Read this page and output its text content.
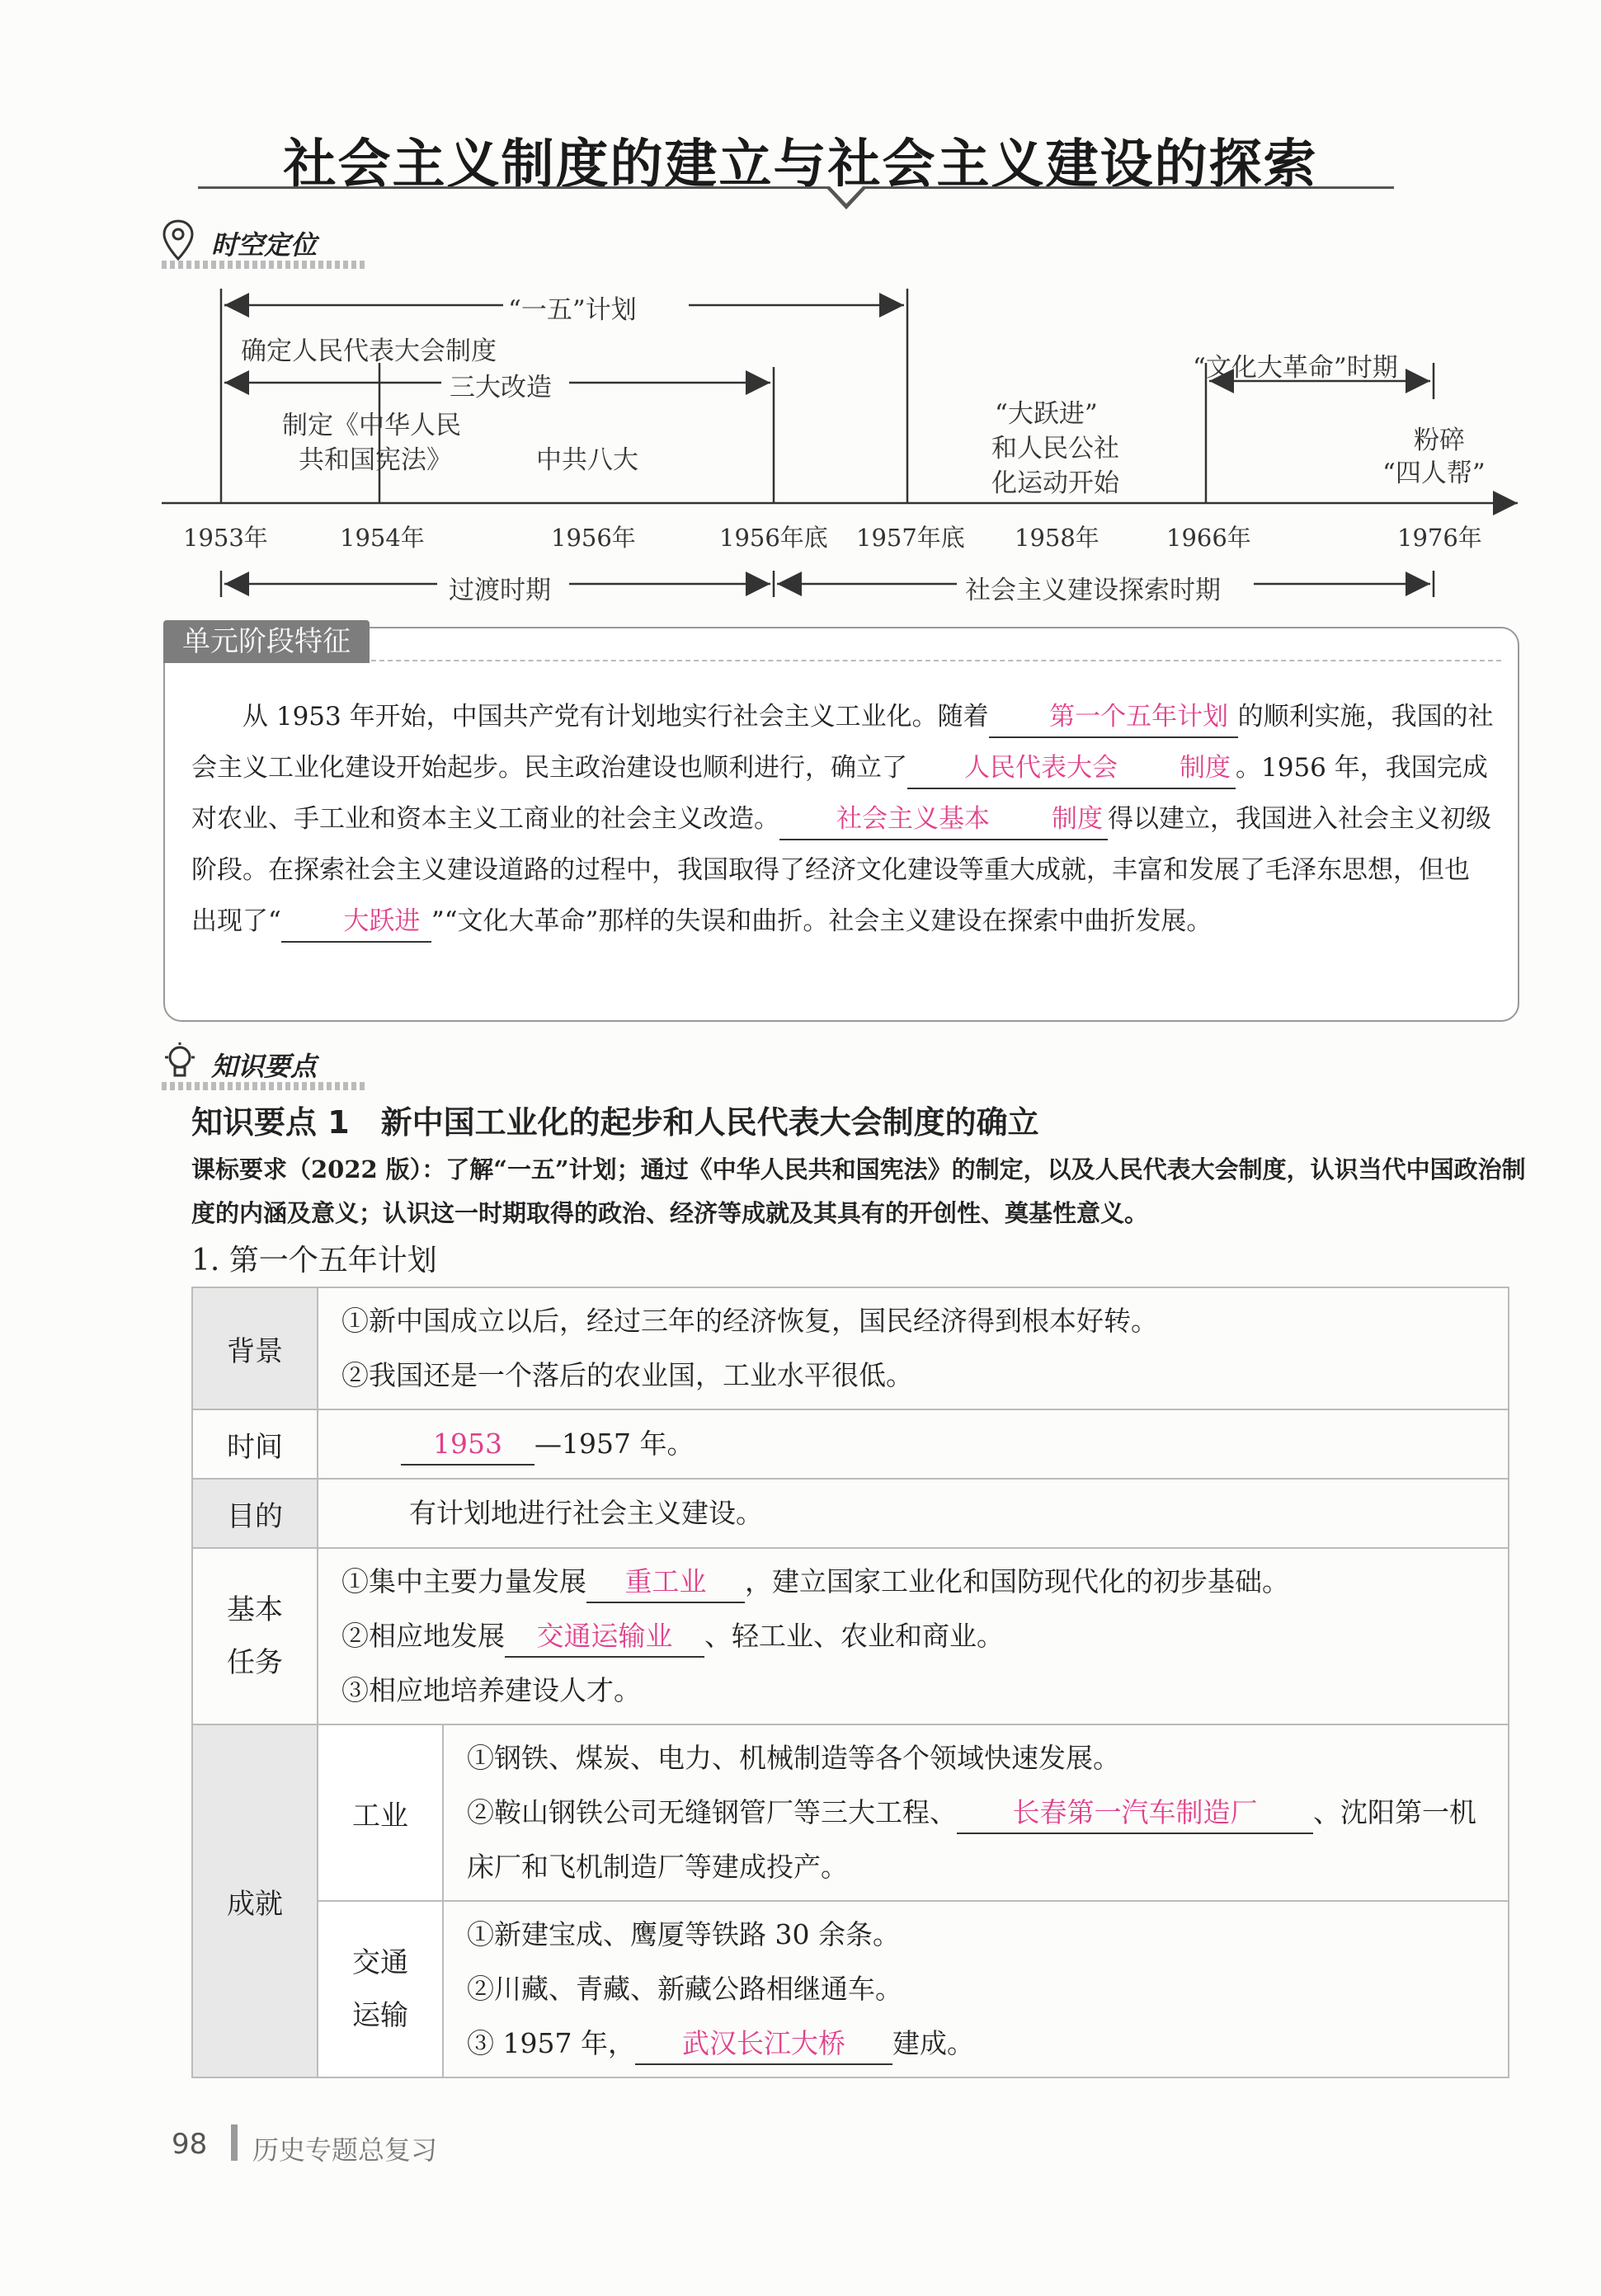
社会主义制度的建立与社会主义建设的探索
时空定位
“一五”计划
确定人民代表大会制度
三大改造
制定《中华人民
共和国宪法》	中共八大
“大跃进”
和人民公社
化运动开始
“文化大革命”时期
粉碎
“四人帮”
1953年	1954年	1956年	1956年底 1957年底 1958年	1966年	1976年
过渡时期	社会主义建设探索时期
单元阶段特征

从 1953 年开始，中国共产党有计划地实行社会主义工业化。随着 第一个五年计划 的顺利实施，我国的社会主义工业化建设开始起步。民主政治建设也顺利进行，确立了 人民代表大会 制度 。1956 年，我国完成对农业、手工业和资本主义工商业的社会主义改造。 社会主义基本 制度 得以建立，我国进入社会主义初级阶段。在探索社会主义建设道路的过程中，我国取得了经济文化建设等重大成就，丰富和发展了毛泽东思想，但也出现了“ 大跃进 ”“文化大革命”那样的失误和曲折。社会主义建设在探索中曲折发展。

知识要点
知识要点 1　新中国工业化的起步和人民代表大会制度的确立
课标要求（2022 版）：了解“一五”计划；通过《中华人民共和国宪法》的制定，以及人民代表大会制度，认识当代中国政治制度的内涵及意义；认识这一时期取得的政治、经济等成就及其具有的开创性、奠基性意义。
1. 第一个五年计划
背景	①新中国成立以后，经过三年的经济恢复，国民经济得到根本好转。
②我国还是一个落后的农业国，工业水平很低。	

时间	1953 —1957 年。	
目的	有计划地进行社会主义建设。	

基本任务	①集中主要力量发展 重工业 ，建立国家工业化和国防现代化的初步基础。
②相应地发展 交通运输业 、轻工业、农业和商业。
③相应地培养建设人才。	

成就	工业	①钢铁、煤炭、电力、机械制造等各个领域快速发展。
②鞍山钢铁公司无缝钢管厂等三大工程、 长春第一汽车制造厂 、沈阳第一机床厂和飞机制造厂等建成投产。

	交通运输	①新建宝成、鹰厦等铁路 30 余条。
②川藏、青藏、新藏公路相继通车。
③ 1957 年， 武汉长江大桥 建成。
98 历史专题总复习
